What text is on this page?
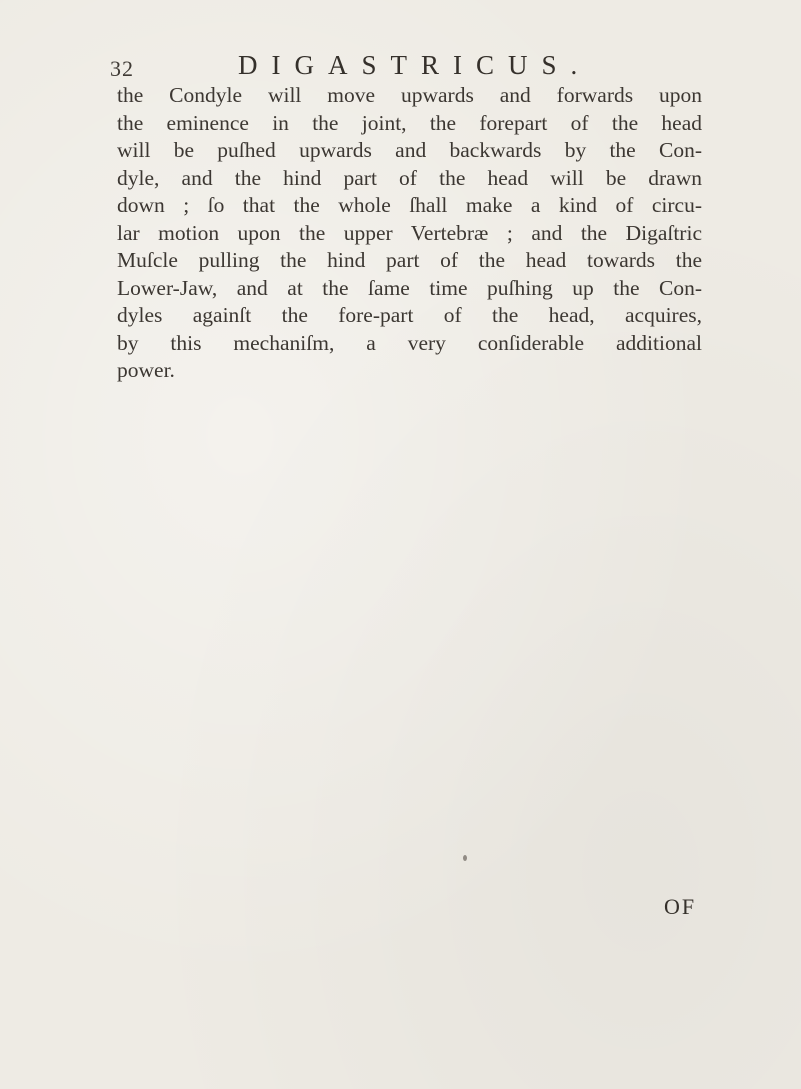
32	DIGASTRICUS.
the Condyle will move upwards and forwards upon
the eminence in the joint, the forepart of the head
will be puſhed upwards and backwards by the Con-
dyle, and the hind part of the head will be drawn
down ; ſo that the whole ſhall make a kind of circu-
lar motion upon the upper Vertebræ ; and the Digaſtric
Muſcle pulling the hind part of the head towards the
Lower-Jaw, and at the ſame time puſhing up the Con-
dyles againſt the fore-part of the head, acquires,
by this mechaniſm, a very conſiderable additional
power.
OF
